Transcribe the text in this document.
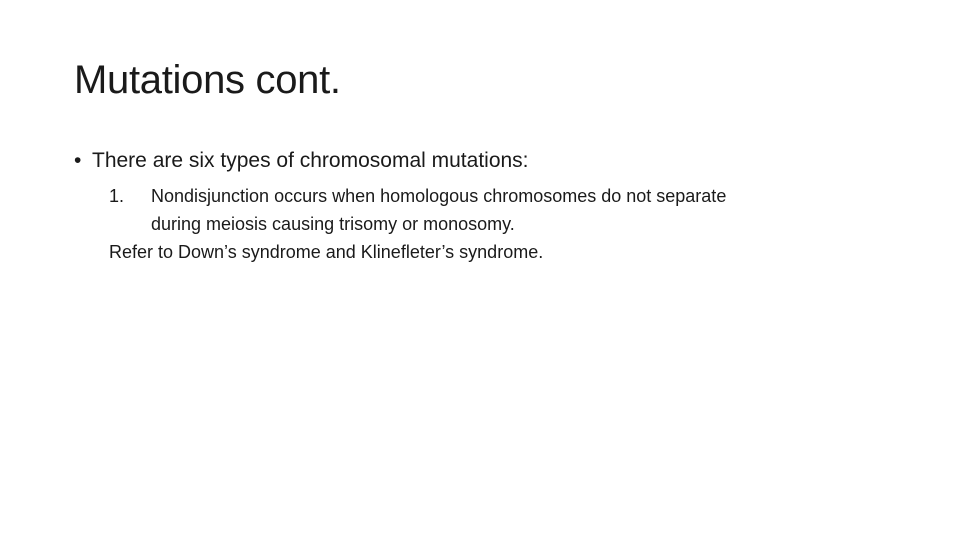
Mutations cont.
• There are six types of chromosomal mutations:
1. Nondisjunction occurs when homologous chromosomes do not separate
during meiosis causing trisomy or monosomy.
Refer to Down’s syndrome and Klinefleter’s syndrome.
